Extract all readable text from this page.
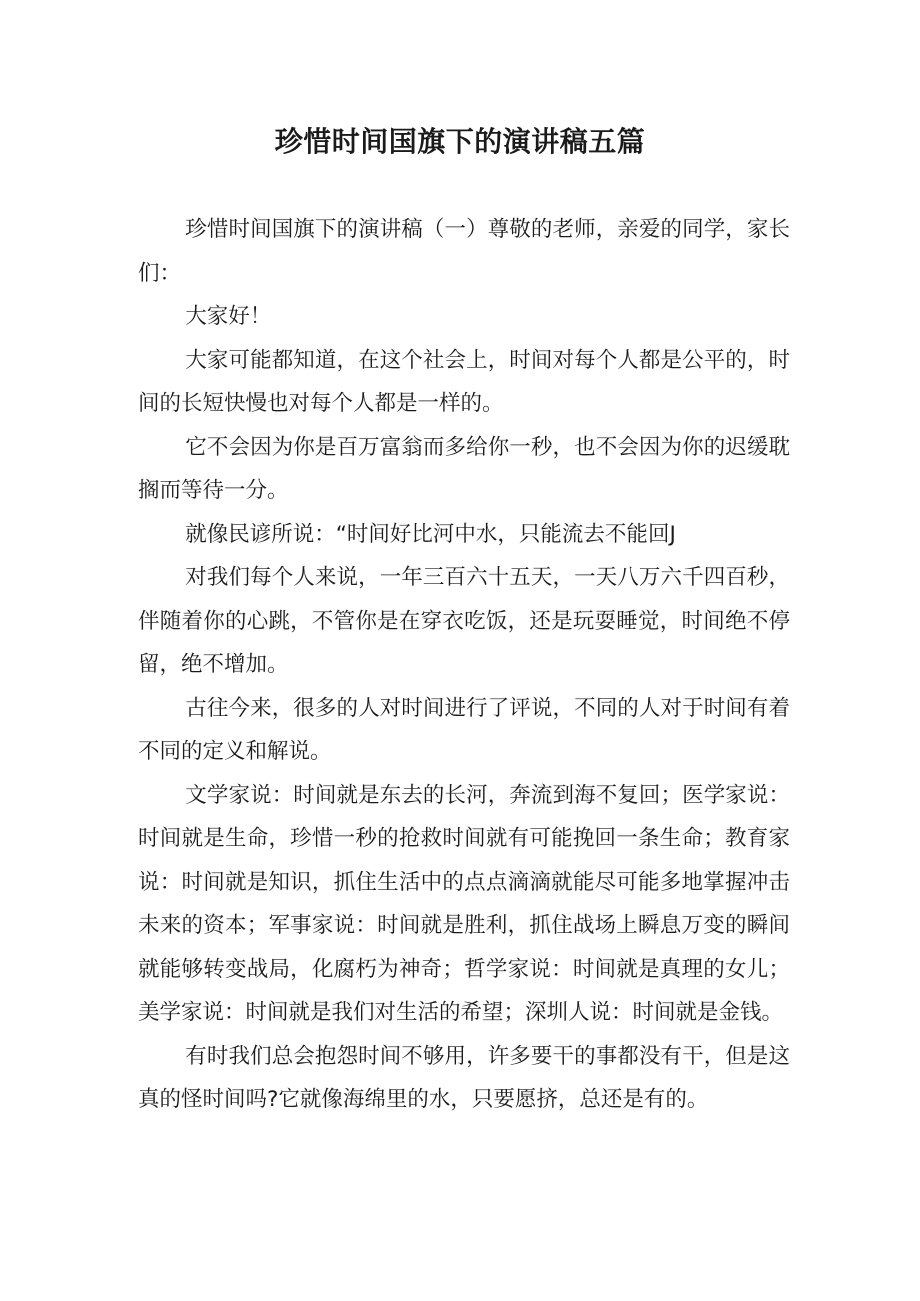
珍惜时间国旗下的演讲稿五篇

珍惜时间国旗下的演讲稿（一）尊敬的老师，亲爱的同学，家长们：

大家好！

大家可能都知道，在这个社会上，时间对每个人都是公平的，时间的长短快慢也对每个人都是一样的。

它不会因为你是百万富翁而多给你一秒，也不会因为你的迟缓耽搁而等待一分。

就像民谚所说：“时间好比河中水，只能流去不能回J

对我们每个人来说，一年三百六十五天，一天八万六千四百秒，伴随着你的心跳，不管你是在穿衣吃饭，还是玩耍睡觉，时间绝不停留，绝不增加。

古往今来，很多的人对时间进行了评说，不同的人对于时间有着不同的定义和解说。

文学家说：时间就是东去的长河，奔流到海不复回；医学家说：时间就是生命，珍惜一秒的抢救时间就有可能挽回一条生命；教育家说：时间就是知识，抓住生活中的点点滴滴就能尽可能多地掌握冲击未来的资本；军事家说：时间就是胜利，抓住战场上瞬息万变的瞬间就能够转变战局，化腐朽为神奇；哲学家说：时间就是真理的女儿；美学家说：时间就是我们对生活的希望；深圳人说：时间就是金钱。

有时我们总会抱怨时间不够用，许多要干的事都没有干，但是这真的怪时间吗?它就像海绵里的水，只要愿挤，总还是有的。
